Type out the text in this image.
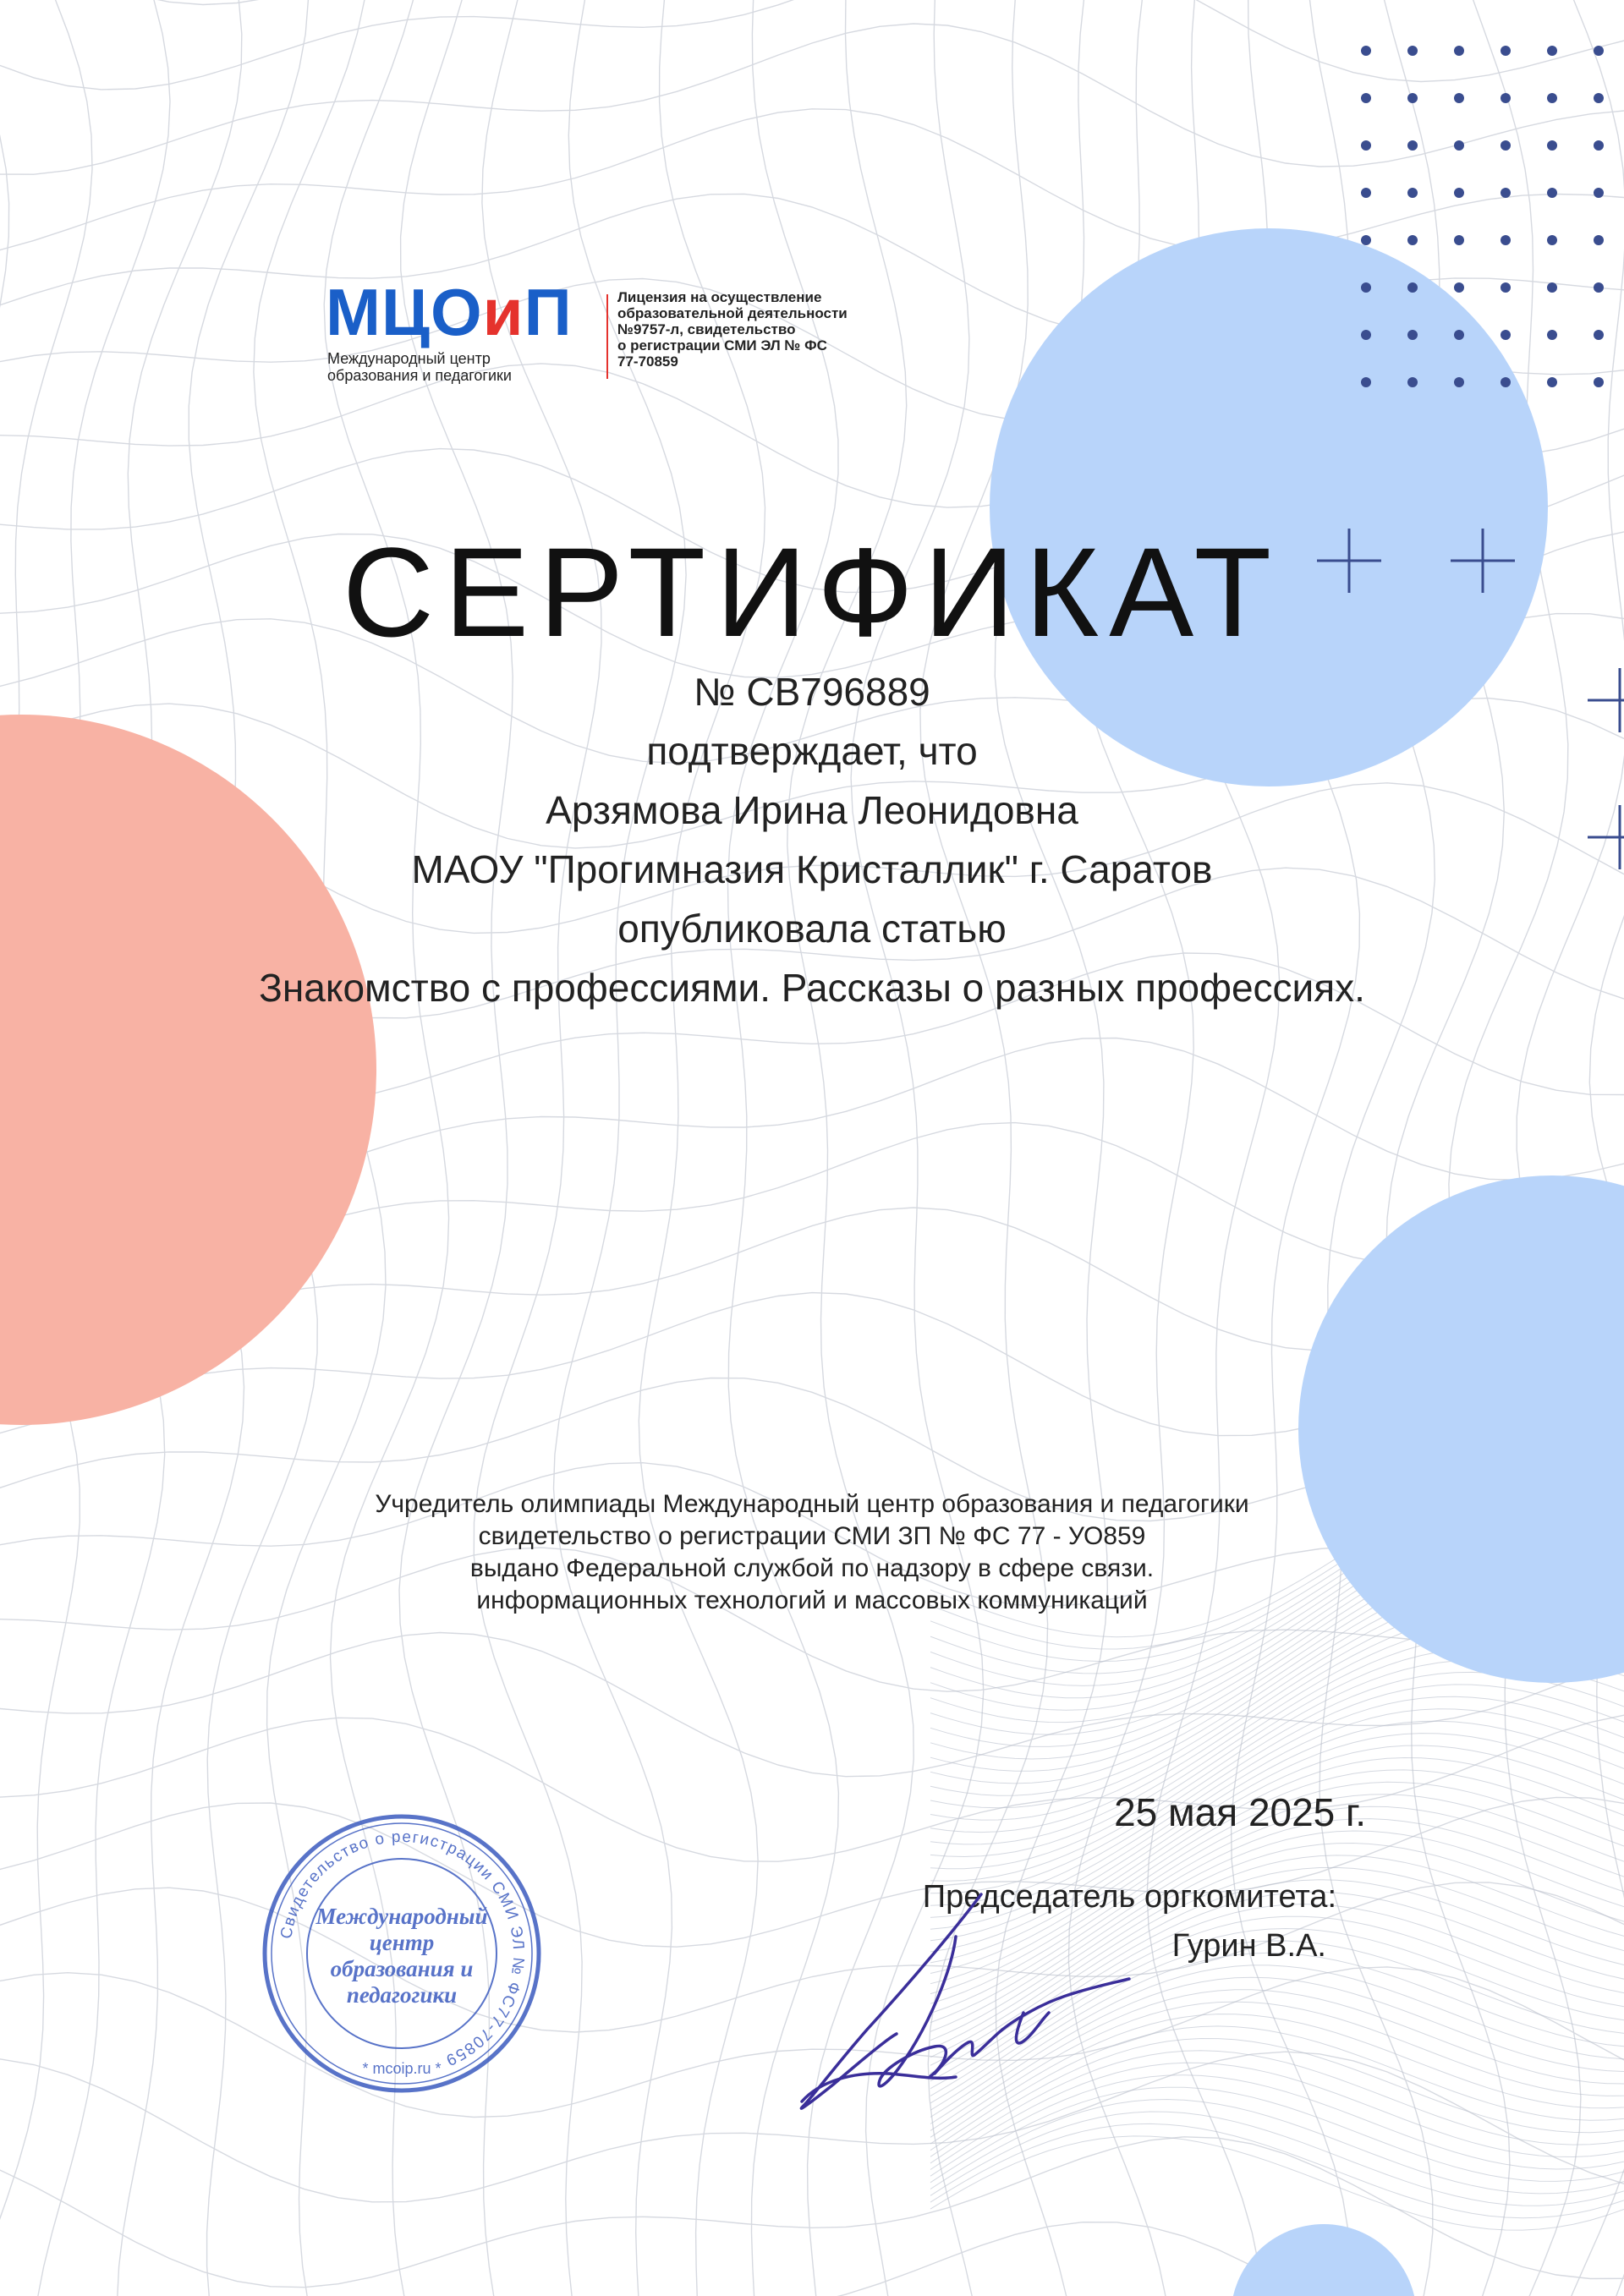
МЦОиП
Международный центр
образования и педагогики
Лицензия на осуществление
образовательной деятельности
№9757-л, свидетельство
о регистрации СМИ ЭЛ № ФС
77-70859
СЕРТИФИКАТ
№ СВ796889
подтверждает, что
Арзямова Ирина Леонидовна
МАОУ "Прогимназия Кристаллик" г. Саратов
опубликовала статью
Знакомство с профессиями. Рассказы о разных профессиях.
Учредитель олимпиады Международный центр образования и педагогики
свидетельство о регистрации СМИ ЗП № ФС 77 - УО859
выдано Федеральной службой по надзору в сфере связи.
информационных технологий и массовых коммуникаций
25 мая 2025 г.
Председатель оргкомитета:
Гурин В.А.
Свидетельство о регистрации СМИ ЭЛ № ФС77-70859
Международный
центр
образования и
педагогики
* mcoip.ru *
